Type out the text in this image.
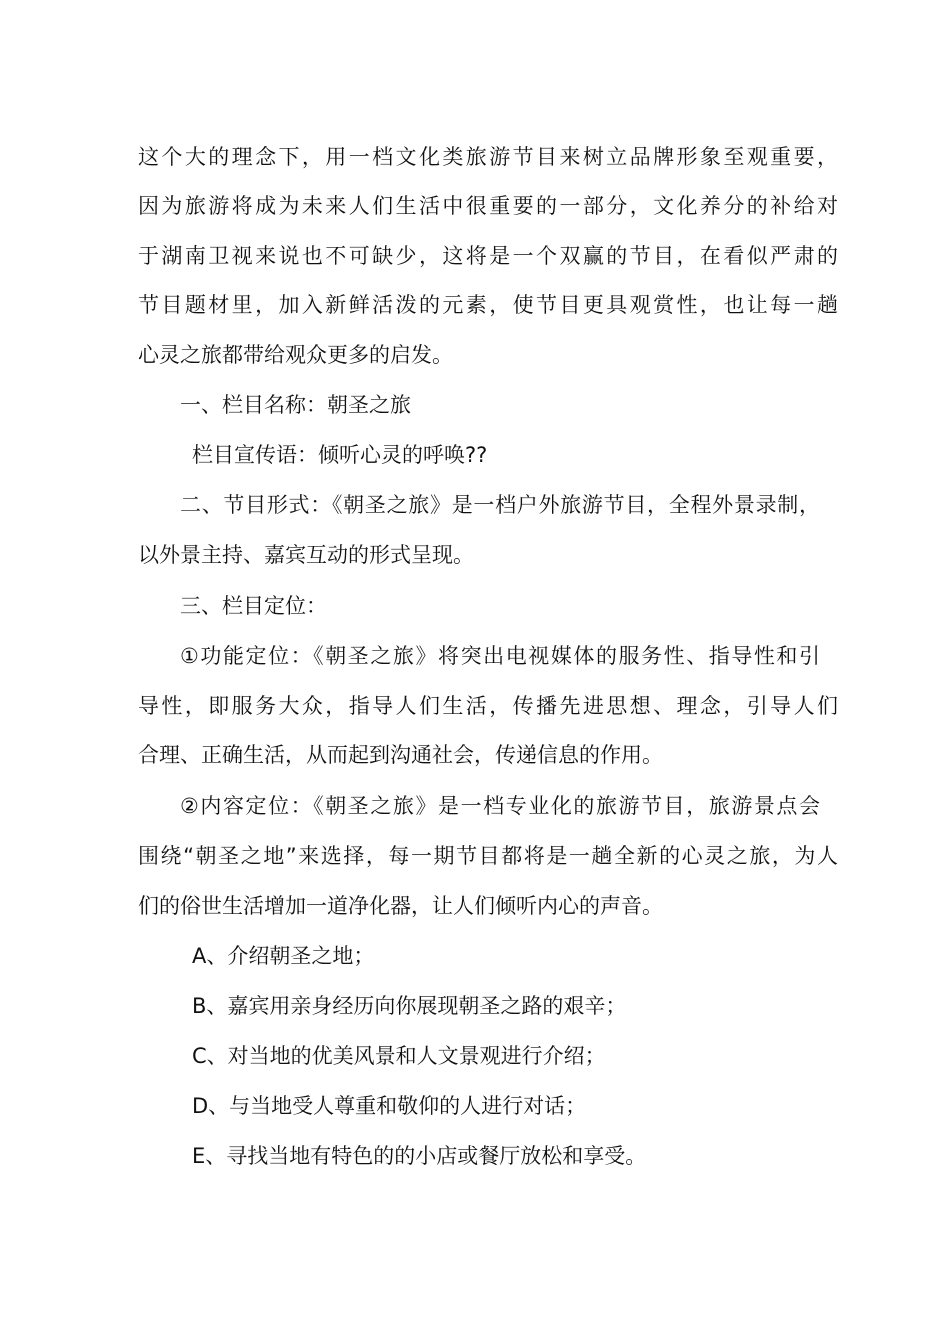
这个大的理念下，用一档文化类旅游节目来树立品牌形象至观重要，
因为旅游将成为未来人们生活中很重要的一部分，文化养分的补给对
于湖南卫视来说也不可缺少，这将是一个双赢的节目，在看似严肃的
节目题材里，加入新鲜活泼的元素，使节目更具观赏性，也让每一趟
心灵之旅都带给观众更多的启发。
一、栏目名称：朝圣之旅
栏目宣传语：倾听心灵的呼唤??
二、节目形式：《朝圣之旅》是一档户外旅游节目，全程外景录制，
以外景主持、嘉宾互动的形式呈现。
三、栏目定位：
①功能定位：《朝圣之旅》将突出电视媒体的服务性、指导性和引
导性，即服务大众，指导人们生活，传播先进思想、理念，引导人们
合理、正确生活，从而起到沟通社会，传递信息的作用。
②内容定位：《朝圣之旅》是一档专业化的旅游节目，旅游景点会
围绕“朝圣之地”来选择，每一期节目都将是一趟全新的心灵之旅，为人
们的俗世生活增加一道净化器，让人们倾听内心的声音。
A、介绍朝圣之地；
B、嘉宾用亲身经历向你展现朝圣之路的艰辛；
C、对当地的优美风景和人文景观进行介绍；
D、与当地受人尊重和敬仰的人进行对话；
E、寻找当地有特色的的小店或餐厅放松和享受。
